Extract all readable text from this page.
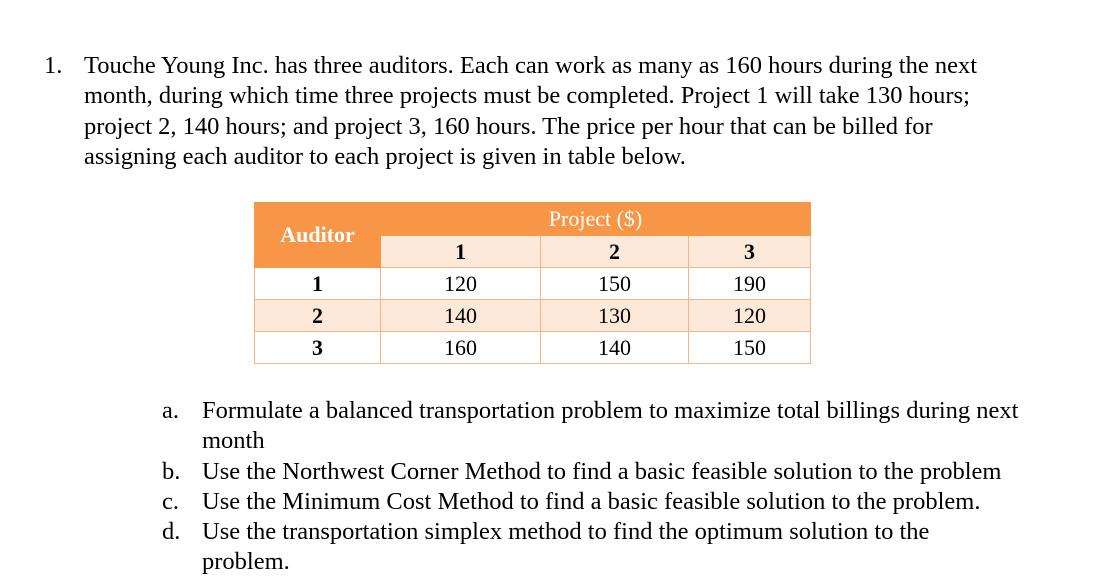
1. Touche Young Inc. has three auditors. Each can work as many as 160 hours during the next
month, during which time three projects must be completed. Project 1 will take 130 hours;
project 2, 140 hours; and project 3, 160 hours. The price per hour that can be billed for
assigning each auditor to each project is given in table below.
Auditor	Project ($)		
	1	2	3
1	120	150	190
2	140	130	120
3	160	140	150
a. Formulate a balanced transportation problem to maximize total billings during next
month
b. Use the Northwest Corner Method to find a basic feasible solution to the problem
c. Use the Minimum Cost Method to find a basic feasible solution to the problem.
d. Use the transportation simplex method to find the optimum solution to the
problem.
